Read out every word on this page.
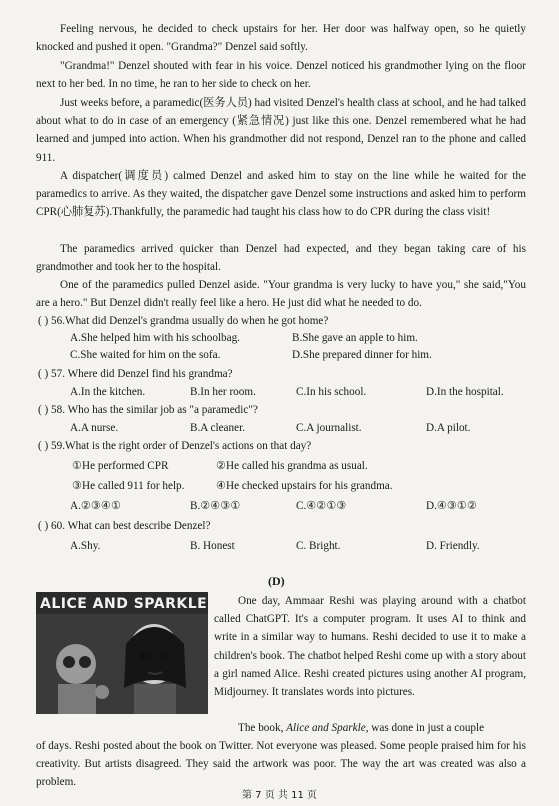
Feeling nervous, he decided to check upstairs for her. Her door was halfway open, so he quietly knocked and pushed it open. "Grandma?" Denzel said softly.
"Grandma!" Denzel shouted with fear in his voice. Denzel noticed his grandmother lying on the floor next to her bed. In no time, he ran to her side to check on her.
Just weeks before, a paramedic(医务人员) had visited Denzel's health class at school, and he had talked about what to do in case of an emergency (紧急情况) just like this one. Denzel remembered what he had learned and jumped into action. When his grandmother did not respond, Denzel ran to the phone and called 911.
A dispatcher(调度员) calmed Denzel and asked him to stay on the line while he waited for the paramedics to arrive. As they waited, the dispatcher gave Denzel some instructions and asked him to perform CPR(心肺复苏).Thankfully, the paramedic had taught his class how to do CPR during the class visit!
The paramedics arrived quicker than Denzel had expected, and they began taking care of his grandmother and took her to the hospital.
One of the paramedics pulled Denzel aside. "Your grandma is very lucky to have you," she said,"You are a hero." But Denzel didn't really feel like a hero. He just did what he needed to do.
( ) 56.What did Denzel's grandma usually do when he got home?
A.She helped him with his schoolbag.	B.She gave an apple to him.
C.She waited for him on the sofa.	D.She prepared dinner for him.
( ) 57. Where did Denzel find his grandma?
A.In the kitchen.	B.In her room.	C.In his school.	D.In the hospital.
( ) 58. Who has the similar job as "a paramedic"?
A.A nurse.	B.A cleaner.	C.A journalist.	D.A pilot.
( ) 59.What is the right order of Denzel's actions on that day?
①He performed CPR	②He called his grandma as usual.
③He called 911 for help.	④He checked upstairs for his grandma.
A.②③④①	B.②④③①	C.④②①③	D.④③①②
( ) 60. What can best describe Denzel?
A.Shy.	B. Honest	C. Bright.	D. Friendly.
(D)
ALICE AND SPARKLE	One day, Ammaar Reshi was playing around with a chatbot called ChatGPT. It's a computer program. It uses AI to think and write in a similar way to humans. Reshi decided to use it to make a children's book. The chatbot helped Reshi come up with a story about a girl named Alice. Reshi created pictures using another AI program, Midjourney. It translates words into pictures.
The book, Alice and Sparkle, was done in just a couple
of days. Reshi posted about the book on Twitter. Not everyone was pleased. Some people praised him for his creativity. But artists disagreed. They said the artwork was poor. The way the art was created was also a problem.
第 7 页 共 11 页
